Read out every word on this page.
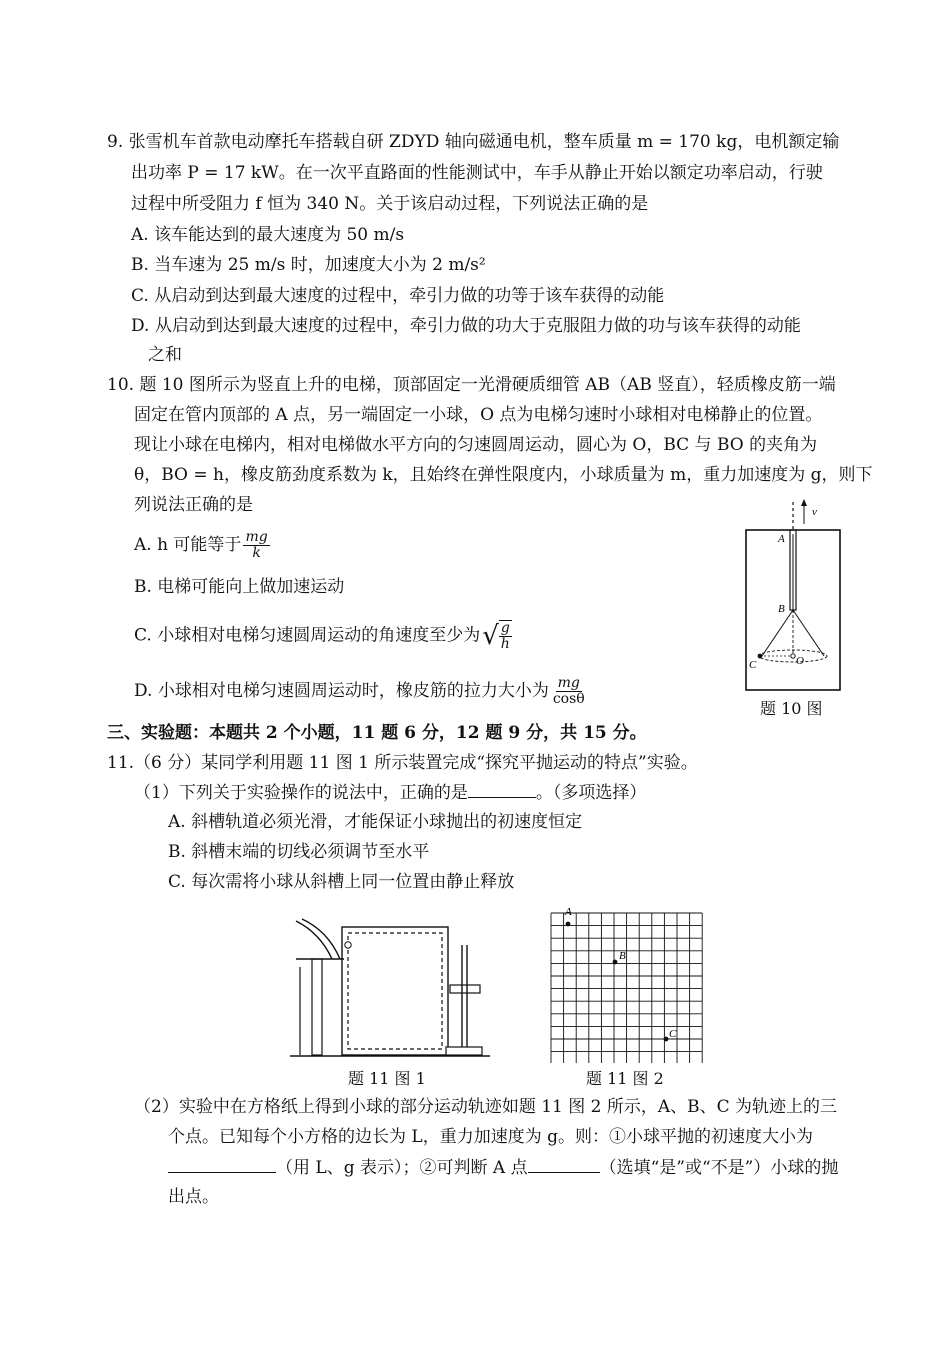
9. 张雪机车首款电动摩托车搭载自研 ZDYD 轴向磁通电机，整车质量 m = 170 kg，电机额定输
出功率 P = 17 kW。在一次平直路面的性能测试中，车手从静止开始以额定功率启动，行驶
过程中所受阻力 f 恒为 340 N。关于该启动过程，下列说法正确的是
A. 该车能达到的最大速度为 50 m/s
B. 当车速为 25 m/s 时，加速度大小为 2 m/s²
C. 从启动到达到最大速度的过程中，牵引力做的功等于该车获得的动能
D. 从启动到达到最大速度的过程中，牵引力做的功大于克服阻力做的功与该车获得的动能
之和
10. 题 10 图所示为竖直上升的电梯，顶部固定一光滑硬质细管 AB（AB 竖直），轻质橡皮筋一端
固定在管内顶部的 A 点，另一端固定一小球，O 点为电梯匀速时小球相对电梯静止的位置。
现让小球在电梯内，相对电梯做水平方向的匀速圆周运动，圆心为 O，BC 与 BO 的夹角为
θ，BO = h，橡皮筋劲度系数为 k，且始终在弹性限度内，小球质量为 m，重力加速度为 g，则下
列说法正确的是
A. h 可能等于 $\frac{mg}{k}$
B. 电梯可能向上做加速运动
C. 小球相对电梯匀速圆周运动的角速度至少为 √ $\frac{g}{h}$
D. 小球相对电梯匀速圆周运动时，橡皮筋的拉力大小为 $\frac{mg}{\cos\theta}$
v
A
B
C	O
题 10 图
三、实验题：本题共 2 个小题，11 题 6 分，12 题 9 分，共 15 分。
11.（6 分）某同学利用题 11 图 1 所示装置完成“探究平抛运动的特点”实验。
（1）下列关于实验操作的说法中，正确的是	。（多项选择）
A. 斜槽轨道必须光滑，才能保证小球抛出的初速度恒定
B. 斜槽末端的切线必须调节至水平
C. 每次需将小球从斜槽上同一位置由静止释放
题 11 图 1
A
B
C
题 11 图 2
（2）实验中在方格纸上得到小球的部分运动轨迹如题 11 图 2 所示，A、B、C 为轨迹上的三
个点。已知每个小方格的边长为 L，重力加速度为 g。则：①小球平抛的初速度大小为
（用 L、g 表示）；②可判断 A 点	（选填“是”或“不是”）小球的抛
出点。
